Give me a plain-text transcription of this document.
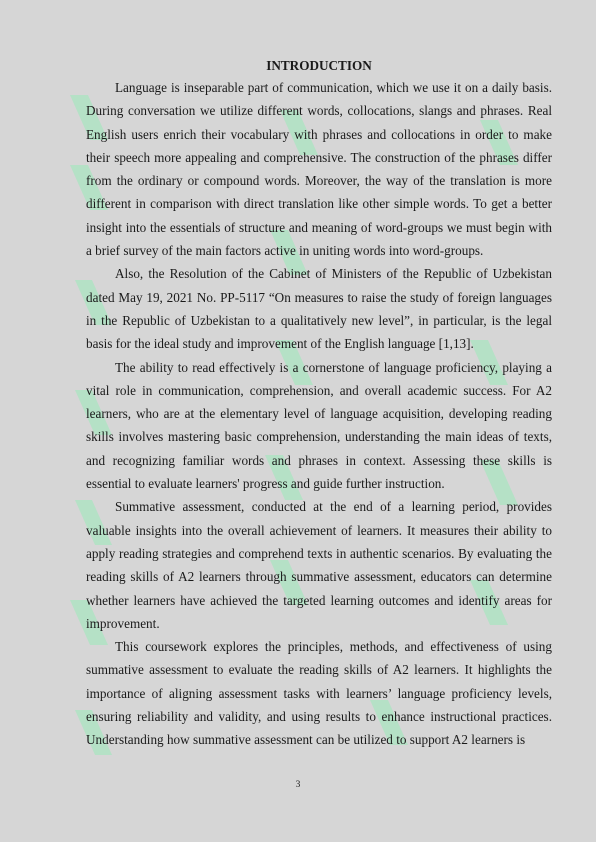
INTRODUCTION

Language is inseparable part of communication, which we use it on a daily basis. During conversation we utilize different words, collocations, slangs and phrases. Real English users enrich their vocabulary with phrases and collocations in order to make their speech more appealing and comprehensive. The construction of the phrases differ from the ordinary or compound words. Moreover, the way of the translation is more different in comparison with direct translation like other simple words. To get a better insight into the essentials of structure and meaning of word-groups we must begin with a brief survey of the main factors active in uniting words into word-groups.

Also, the Resolution of the Cabinet of Ministers of the Republic of Uzbekistan dated May 19, 2021 No. PP-5117 “On measures to raise the study of foreign languages in the Republic of Uzbekistan to a qualitatively new level”, in particular, is the legal basis for the ideal study and improvement of the English language [1,13].

The ability to read effectively is a cornerstone of language proficiency, playing a vital role in communication, comprehension, and overall academic success. For A2 learners, who are at the elementary level of language acquisition, developing reading skills involves mastering basic comprehension, understanding the main ideas of texts, and recognizing familiar words and phrases in context. Assessing these skills is essential to evaluate learners' progress and guide further instruction.

Summative assessment, conducted at the end of a learning period, provides valuable insights into the overall achievement of learners. It measures their ability to apply reading strategies and comprehend texts in authentic scenarios. By evaluating the reading skills of A2 learners through summative assessment, educators can determine whether learners have achieved the targeted learning outcomes and identify areas for improvement.

This coursework explores the principles, methods, and effectiveness of using summative assessment to evaluate the reading skills of A2 learners. It highlights the importance of aligning assessment tasks with learners’ language proficiency levels, ensuring reliability and validity, and using results to enhance instructional practices. Understanding how summative assessment can be utilized to support A2 learners is

3
